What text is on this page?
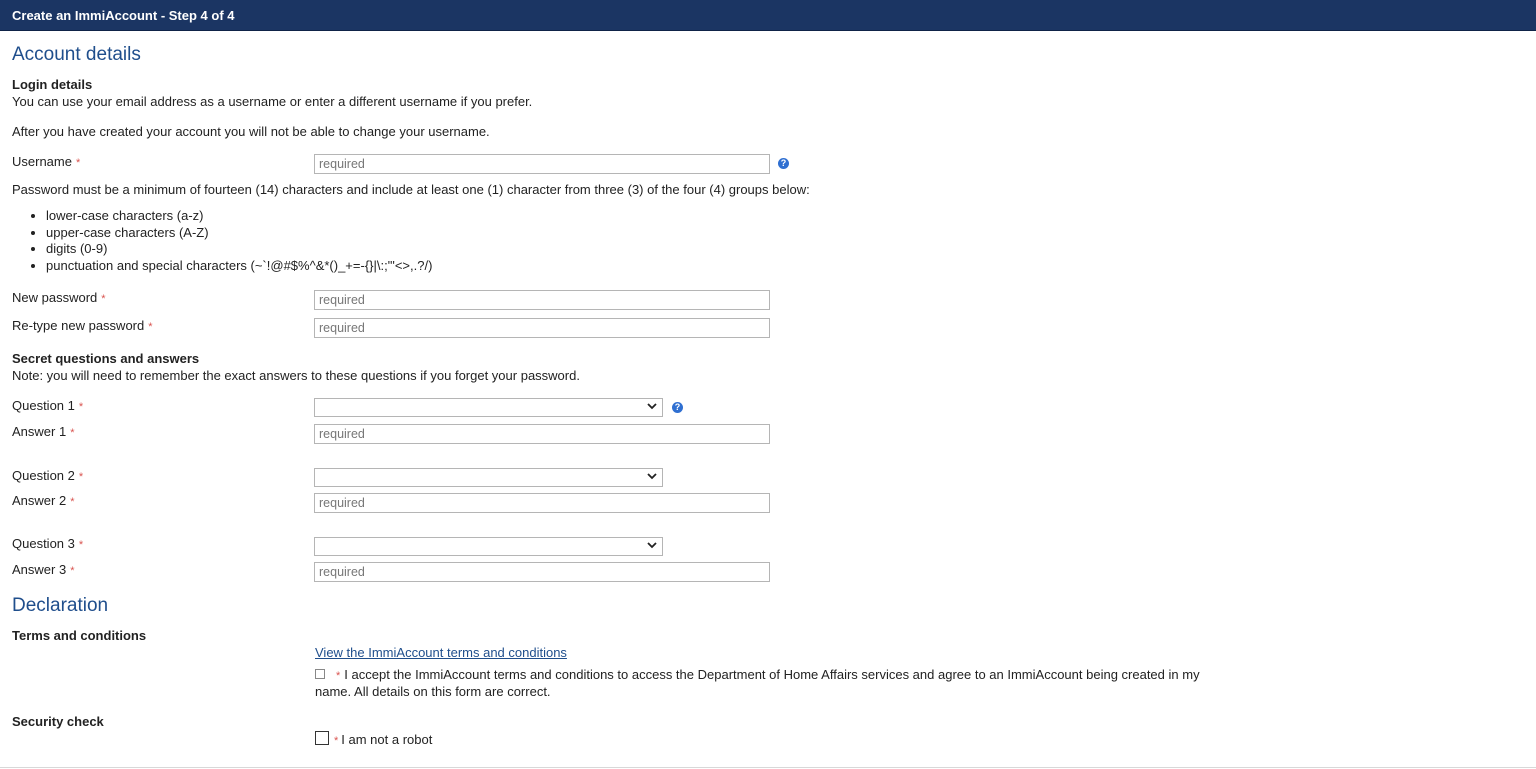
Create an ImmiAccount - Step 4 of 4
Account details
Login details
You can use your email address as a username or enter a different username if you prefer.
After you have created your account you will not be able to change your username.
Username *
required	?
Password must be a minimum of fourteen (14) characters and include at least one (1) character from three (3) of the four (4) groups below:
• lower-case characters (a-z)
• upper-case characters (A-Z)
• digits (0-9)
• punctuation and special characters (~`!@#$%^&*()_+=-{}|\:;"'<>,.?/)
New password *
required
Re-type new password *
required
Secret questions and answers
Note: you will need to remember the exact answers to these questions if you forget your password.
Question 1 *	?
Answer 1 *
required
Question 2 *
Answer 2 *
required
Question 3 *
Answer 3 *
required
Declaration
Terms and conditions
View the ImmiAccount terms and conditions
* I accept the ImmiAccount terms and conditions to access the Department of Home Affairs services and agree to an ImmiAccount being created in my
name. All details on this form are correct.
Security check
* I am not a robot
